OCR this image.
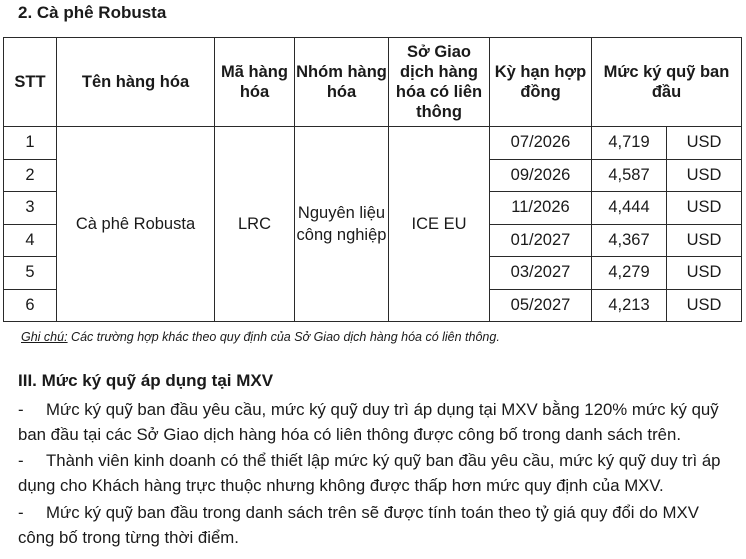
2. Cà phê Robusta
STT	Tên hàng hóa	Mã hàng hóa	Nhóm hàng hóa	Sở Giao dịch hàng hóa có liên thông	Kỳ hạn hợp đồng	Mức ký quỹ ban đầu	
1	Cà phê Robusta	LRC	Nguyên liệu công nghiệp	ICE EU	07/2026	4,719	USD
2					09/2026	4,587	USD
3					11/2026	4,444	USD
4					01/2027	4,367	USD
5					03/2027	4,279	USD
6					05/2027	4,213	USD
Ghi chú: Các trường hợp khác theo quy định của Sở Giao dịch hàng hóa có liên thông.
III. Mức ký quỹ áp dụng tại MXV
- Mức ký quỹ ban đầu yêu cầu, mức ký quỹ duy trì áp dụng tại MXV bằng 120% mức ký quỹ ban đầu tại các Sở Giao dịch hàng hóa có liên thông được công bố trong danh sách trên.
- Thành viên kinh doanh có thể thiết lập mức ký quỹ ban đầu yêu cầu, mức ký quỹ duy trì áp dụng cho Khách hàng trực thuộc nhưng không được thấp hơn mức quy định của MXV.
- Mức ký quỹ ban đầu trong danh sách trên sẽ được tính toán theo tỷ giá quy đổi do MXV công bố trong từng thời điểm.
